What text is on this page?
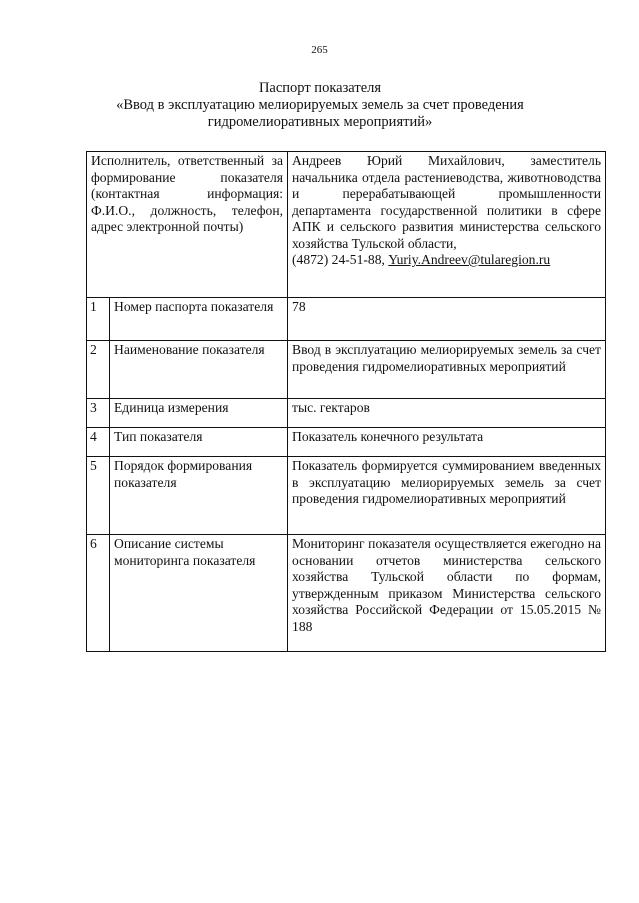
265
Паспорт показателя
«Ввод в эксплуатацию мелиорируемых земель за счет проведения
гидромелиоративных мероприятий»
Исполнитель, ответственный за формирование показателя (контактная информация: Ф.И.О., должность, телефон, адрес электронной почты)		Андреев Юрий Михайлович, заместитель начальника отдела растениеводства, животноводства и перерабатывающей промышленности департамента государственной политики в сфере АПК и сельского развития министерства сельского хозяйства Тульской области,
(4872) 24-51-88, Yuriy.Andreev@tularegion.ru
1	Номер паспорта показателя	78
2	Наименование показателя	Ввод в эксплуатацию мелиорируемых земель за счет проведения гидромелиоративных мероприятий
3	Единица измерения	тыс. гектаров
4	Тип показателя	Показатель конечного результата
5	Порядок формирования показателя	Показатель формируется суммированием введенных в эксплуатацию мелиорируемых земель за счет проведения гидромелиоративных мероприятий
6	Описание системы мониторинга показателя	Мониторинг показателя осуществляется ежегодно на основании отчетов министерства сельского хозяйства Тульской области по формам, утвержденным приказом Министерства сельского хозяйства Российской Федерации от 15.05.2015 № 188
